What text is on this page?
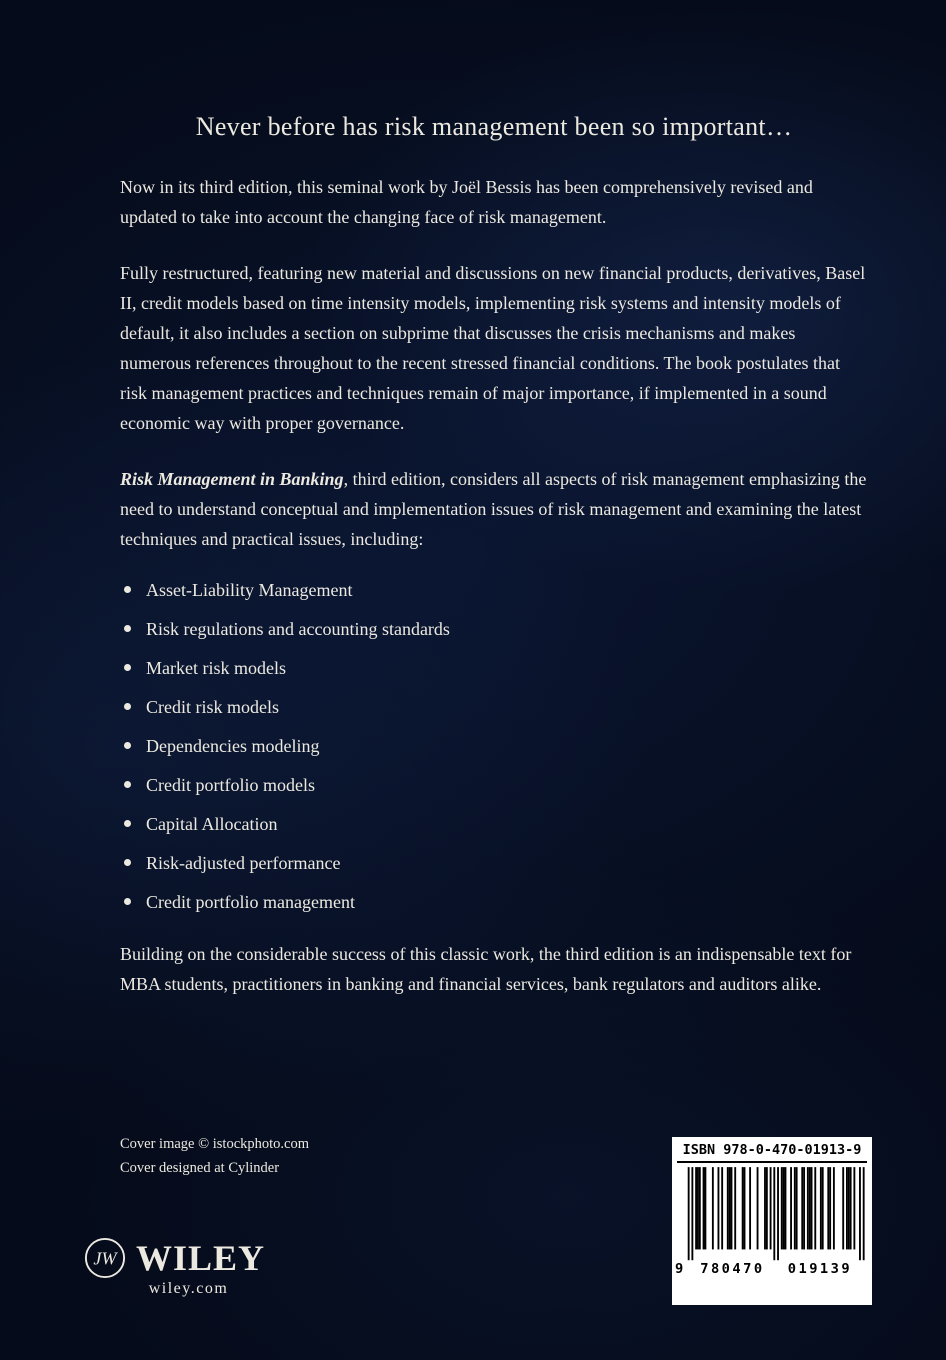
Never before has risk management been so important…

Now in its third edition, this seminal work by Joël Bessis has been comprehensively revised and updated to take into account the changing face of risk management.

Fully restructured, featuring new material and discussions on new financial products, derivatives, Basel II, credit models based on time intensity models, implementing risk systems and intensity models of default, it also includes a section on subprime that discusses the crisis mechanisms and makes numerous references throughout to the recent stressed financial conditions. The book postulates that risk management practices and techniques remain of major importance, if implemented in a sound economic way with proper governance.

Risk Management in Banking, third edition, considers all aspects of risk management emphasizing the need to understand conceptual and implementation issues of risk management and examining the latest techniques and practical issues, including:

Asset-Liability Management
Risk regulations and accounting standards
Market risk models
Credit risk models
Dependencies modeling
Credit portfolio models
Capital Allocation
Risk-adjusted performance
Credit portfolio management

Building on the considerable success of this classic work, the third edition is an indispensable text for MBA students, practitioners in banking and financial services, bank regulators and auditors alike.

Cover image © istockphoto.com
Cover designed at Cylinder
JW WILEY
wiley.com
ISBN 978-0-470-01913-9
9 780470 019139
